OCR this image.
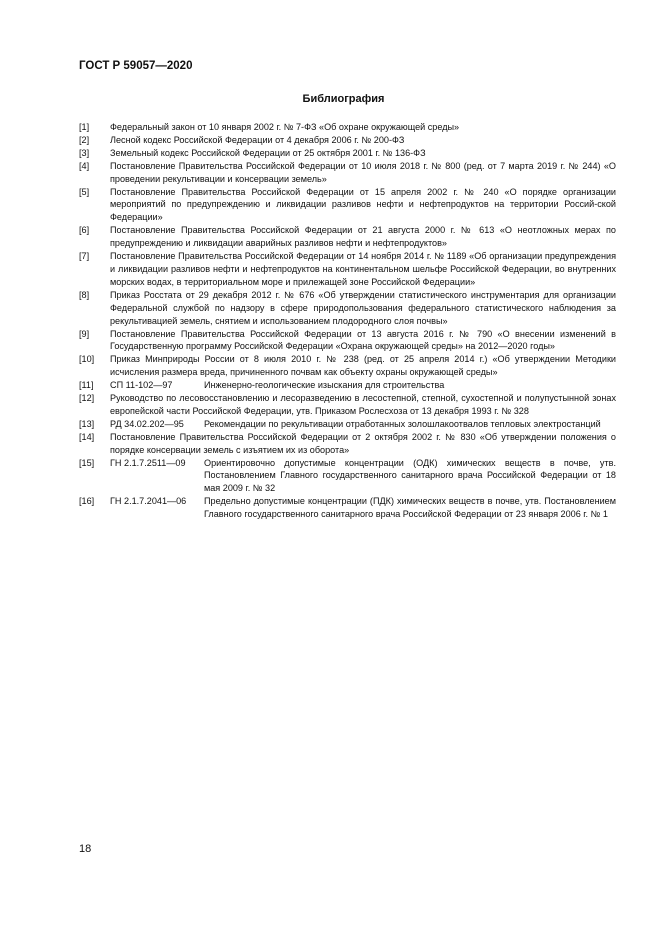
ГОСТ Р 59057—2020
Библиография
[1] Федеральный закон от 10 января 2002 г. № 7-ФЗ «Об охране окружающей среды»
[2] Лесной кодекс Российской Федерации от 4 декабря 2006 г. № 200-ФЗ
[3] Земельный кодекс Российской Федерации от 25 октября 2001 г. № 136-ФЗ
[4] Постановление Правительства Российской Федерации от 10 июля 2018 г. № 800 (ред. от 7 марта 2019 г. № 244) «О проведении рекультивации и консервации земель»
[5] Постановление Правительства Российской Федерации от 15 апреля 2002 г. № 240 «О порядке организации мероприятий по предупреждению и ликвидации разливов нефти и нефтепродуктов на территории Россий-ской Федерации»
[6] Постановление Правительства Российской Федерации от 21 августа 2000 г. № 613 «О неотложных мерах по предупреждению и ликвидации аварийных разливов нефти и нефтепродуктов»
[7] Постановление Правительства Российской Федерации от 14 ноября 2014 г. № 1189 «Об организации предупреждения и ликвидации разливов нефти и нефтепродуктов на континентальном шельфе Российской Федерации, во внутренних морских водах, в территориальном море и прилежащей зоне Российской Федерации»
[8] Приказ Росстата от 29 декабря 2012 г. № 676 «Об утверждении статистического инструментария для организации Федеральной службой по надзору в сфере природопользования федерального статистического наблюдения за рекультивацией земель, снятием и использованием плодородного слоя почвы»
[9] Постановление Правительства Российской Федерации от 13 августа 2016 г. № 790 «О внесении изменений в Государственную программу Российской Федерации «Охрана окружающей среды» на 2012—2020 годы»
[10] Приказ Минприроды России от 8 июля 2010 г. № 238 (ред. от 25 апреля 2014 г.) «Об утверждении Методики исчисления размера вреда, причиненного почвам как объекту охраны окружающей среды»
[11] СП 11-102—97	Инженерно-геологические изыскания для строительства
[12] Руководство по лесовосстановлению и лесоразведению в лесостепной, степной, сухостепной и полупустынной зонах европейской части Российской Федерации, утв. Приказом Рослесхоза от 13 декабря 1993 г. № 328
[13] РД 34.02.202—95 Рекомендации по рекультивации отработанных золошлакоотвалов тепловых электростанций
[14] Постановление Правительства Российской Федерации от 2 октября 2002 г. № 830 «Об утверждении положения о порядке консервации земель с изъятием их из оборота»
[15] ГН 2.1.7.2511—09 Ориентировочно допустимые концентрации (ОДК) химических веществ в почве, утв. Постановлением Главного государственного санитарного врача Российской Федерации от 18 мая 2009 г. № 32
[16] ГН 2.1.7.2041—06 Предельно допустимые концентрации (ПДК) химических веществ в почве, утв. Постановлением Главного государственного санитарного врача Российской Федерации от 23 января 2006 г. № 1
18
